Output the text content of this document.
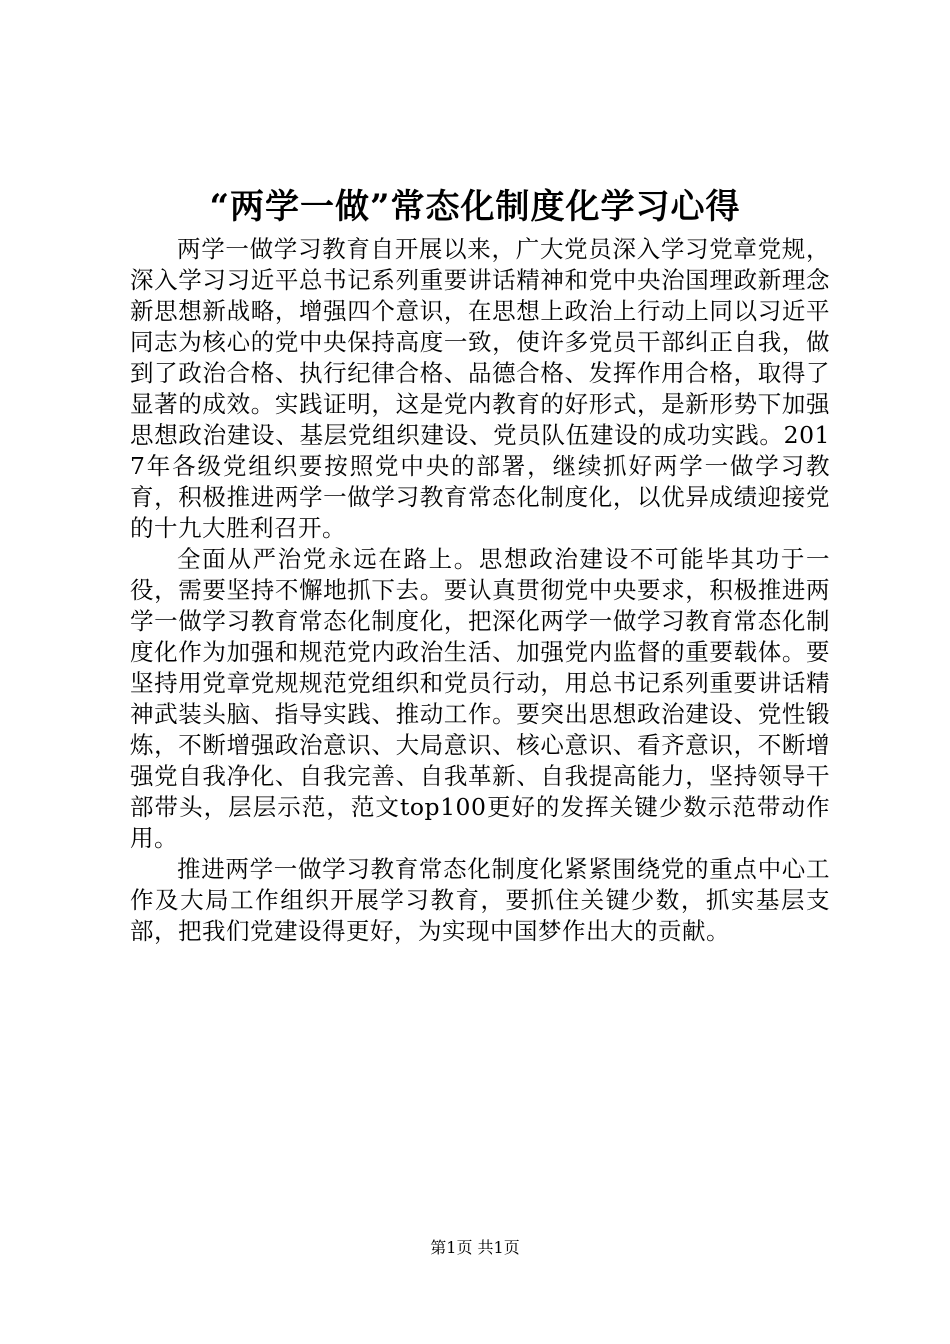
“两学一做”常态化制度化学习心得

两学一做学习教育自开展以来，广大党员深入学习党章党规，深入学习习近平总书记系列重要讲话精神和党中央治国理政新理念新思想新战略，增强四个意识，在思想上政治上行动上同以习近平同志为核心的党中央保持高度一致，使许多党员干部纠正自我，做到了政治合格、执行纪律合格、品德合格、发挥作用合格，取得了显著的成效。实践证明，这是党内教育的好形式，是新形势下加强思想政治建设、基层党组织建设、党员队伍建设的成功实践。2017年各级党组织要按照党中央的部署，继续抓好两学一做学习教育，积极推进两学一做学习教育常态化制度化，以优异成绩迎接党的十九大胜利召开。

全面从严治党永远在路上。思想政治建设不可能毕其功于一役，需要坚持不懈地抓下去。要认真贯彻党中央要求，积极推进两学一做学习教育常态化制度化，把深化两学一做学习教育常态化制度化作为加强和规范党内政治生活、加强党内监督的重要载体。要坚持用党章党规规范党组织和党员行动，用总书记系列重要讲话精神武装头脑、指导实践、推动工作。要突出思想政治建设、党性锻炼，不断增强政治意识、大局意识、核心意识、看齐意识，不断增强党自我净化、自我完善、自我革新、自我提高能力，坚持领导干部带头，层层示范，范文top100更好的发挥关键少数示范带动作用。

推进两学一做学习教育常态化制度化紧紧围绕党的重点中心工作及大局工作组织开展学习教育，要抓住关键少数，抓实基层支部，把我们党建设得更好，为实现中国梦作出大的贡献。

第1页 共1页
